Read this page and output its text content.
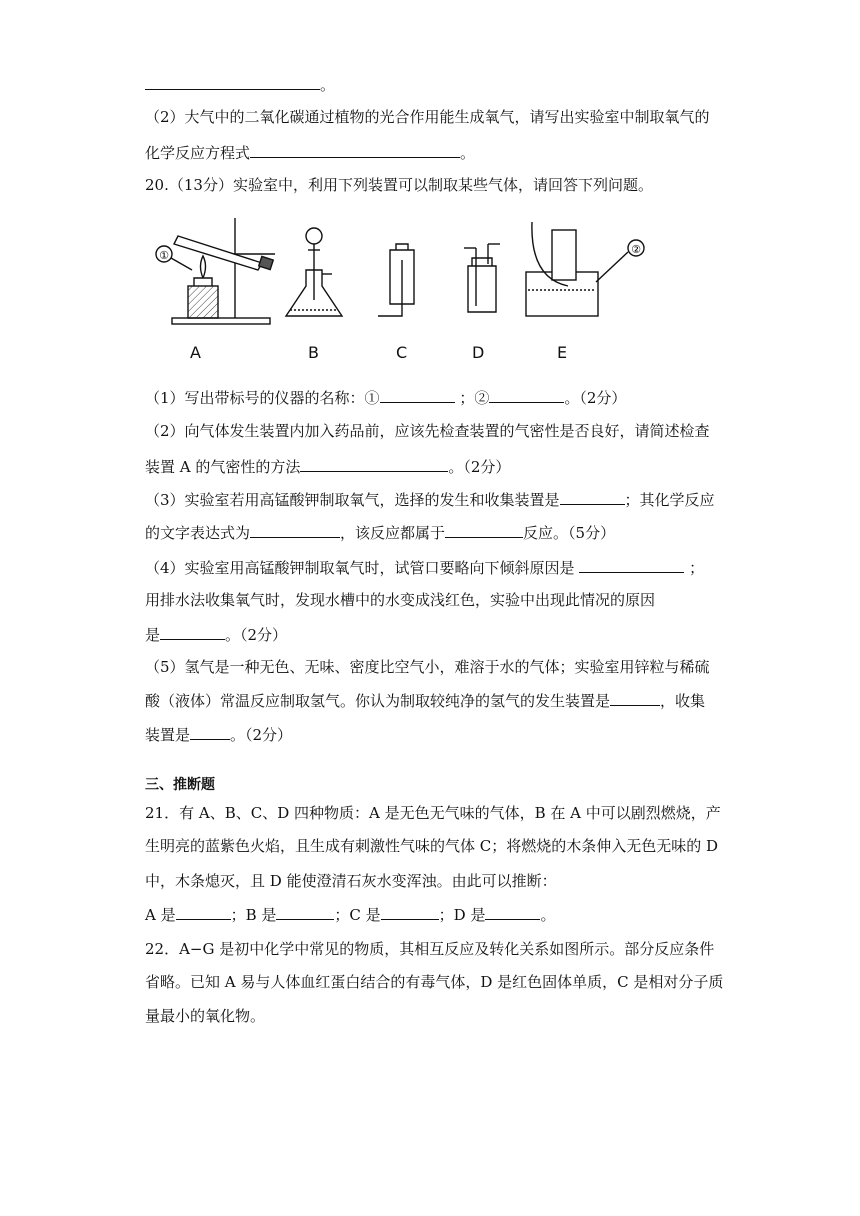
。
（2）大气中的二氧化碳通过植物的光合作用能生成氧气，请写出实验室中制取氧气的
化学反应方程式	。
20.（13分）实验室中，利用下列装置可以制取某些气体，请回答下列问题。
①	②
A	B	C	D	E
（1）写出带标号的仪器的名称：①	；②	。（2分）
（2）向气体发生装置内加入药品前，应该先检查装置的气密性是否良好，请简述检查
装置 A 的气密性的方法	。（2分）
（3）实验室若用高锰酸钾制取氧气，选择的发生和收集装置是	；其化学反应
的文字表达式为	，该反应都属于	反应。（5分）
（4）实验室用高锰酸钾制取氧气时，试管口要略向下倾斜原因是	；
用排水法收集氧气时，发现水槽中的水变成浅红色，实验中出现此情况的原因
是	。（2分）
（5）氢气是一种无色、无味、密度比空气小，难溶于水的气体；实验室用锌粒与稀硫
酸（液体）常温反应制取氢气。你认为制取较纯净的氢气的发生装置是	，收集
装置是	。（2分）
三、推断题
21．有 A、B、C、D 四种物质：A 是无色无气味的气体，B 在 A 中可以剧烈燃烧，产
生明亮的蓝紫色火焰，且生成有刺激性气味的气体 C；将燃烧的木条伸入无色无味的 D
中，木条熄灭，且 D 能使澄清石灰水变浑浊。由此可以推断：
A 是	；B 是	；C 是	；D 是	。
22．A−G 是初中化学中常见的物质，其相互反应及转化关系如图所示。部分反应条件
省略。已知 A 易与人体血红蛋白结合的有毒气体，D 是红色固体单质，C 是相对分子质
量最小的氧化物。
